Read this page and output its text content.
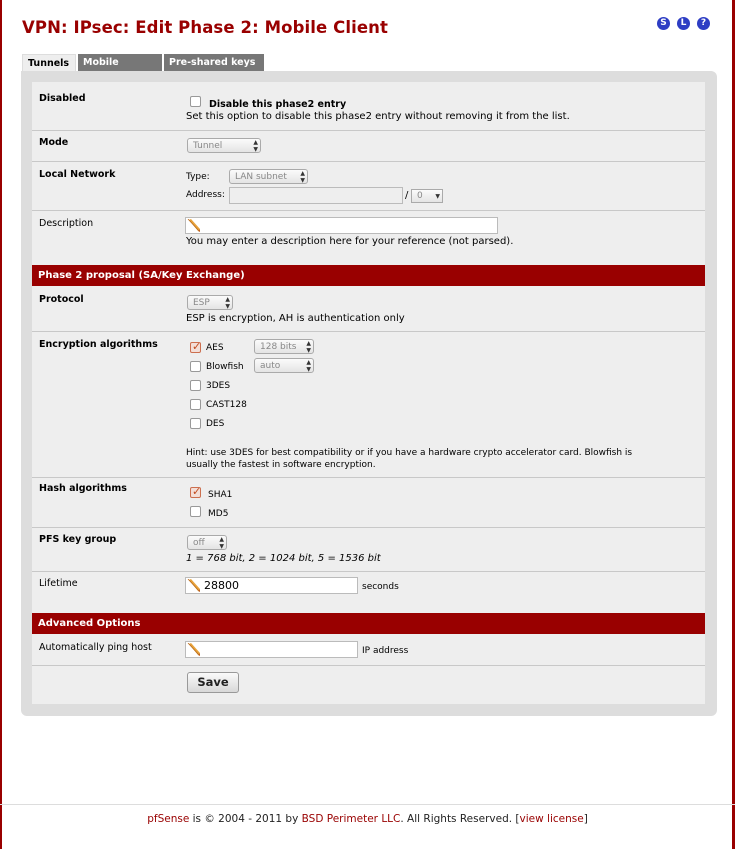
VPN: IPsec: Edit Phase 2: Mobile Client	S	L	?
Tunnels	Mobile	Pre-shared keys
Disabled
Disable this phase2 entry
Set this option to disable this phase2 entry without removing it from the list.
Mode	Tunnel	▲
▼
Local Network	Type:	LAN subnet ▲
▼
Address:	/ 0 ▼
Description
You may enter a description here for your reference (not parsed).
Phase 2 proposal (SA/Key Exchange)
Protocol	ESP	▲
▼
ESP is encryption, AH is authentication only
Encryption algorithms
✓	AES	128 bits ▲
▼
Blowfish	auto	▲
▼
3DES
CAST128
DES
Hint: use 3DES for best compatibility or if you have a hardware crypto accelerator card. Blowfish is
usually the fastest in software encryption.
Hash algorithms
✓
SHA1
MD5
PFS key group	off ▲
▼
1 = 768 bit, 2 = 1024 bit, 5 = 1536 bit
Lifetime	28800	seconds
Advanced Options
Automatically ping host	IP address
Save
pfSense is © 2004 - 2011 by BSD Perimeter LLC. All Rights Reserved. [view license]
